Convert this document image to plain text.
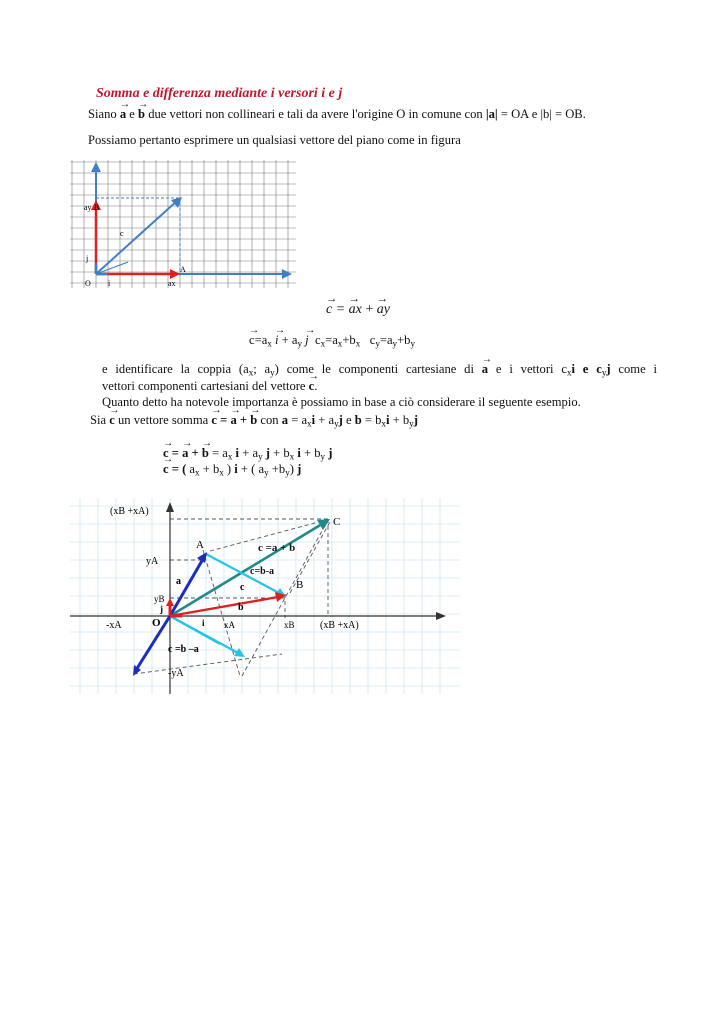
Somma e differenza mediante i versori i e j
Siano → a e → b due vettori non collineari e tali da avere l'origine O in comune con |a| = OA e |b| = OB.
Possiamo pertanto esprimere un qualsiasi vettore del piano come in figura
ay B
c
j
A
O i	ax
→ c = → ax + → ay
→ $c=a_x \to i + a_y \to j$ $c_x=a_x+b_x$ $c_y=a_y+b_y$
e identificare la coppia ($a_x$; $a_y$) come le componenti cartesiane di → a e i vettori $c_xi$ e $c_yj$ come i
vettori componenti cartesiani del vettore → c.
Quanto detto ha notevole importanza è possiamo in base a ciò considerare il seguente esempio.
Sia → c un vettore somma → c = → a + → b con $a = a_xi + a_yj$ e $b = b_xi + b_yj$
→ c = → a + → $b = a_x$ $i + a_y$ $j + b_x$ $i + b_y$ j
→ c = ( $a_x + b_x$ ) i + ( $a_y +b_y$) j
(xB +xA)
C
A	c =a + b
c=b-a
yA
a
c	B
yB
j	b
-xA	O	i xA	xB	(xB +xA)
c =b –a
-yA
